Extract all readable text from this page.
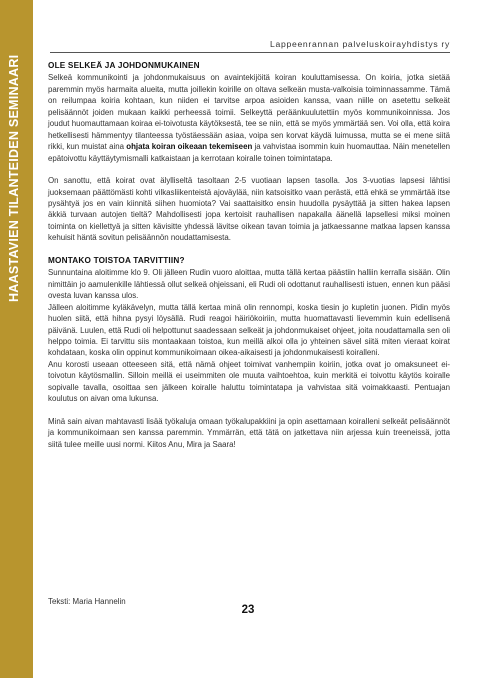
HAASTAVIEN TILANTEIDEN SEMINAARI
Lappeenrannan palveluskoirayhdistys ry
OLE SELKEÄ JA JOHDONMUKAINEN

Selkeä kommunikointi ja johdonmukaisuus on avaintekijöitä koiran kouluttamisessa. On koiria, jotka sietää paremmin myös harmaita alueita, mutta joillekin koirille on oltava selkeän musta-valkoisia toiminnassamme. Tämä on reilumpaa koiria kohtaan, kun niiden ei tarvitse arpoa asioiden kanssa, vaan niille on asetettu selkeät pelisäännöt joiden mukaan kaikki perheessä toimii. Selkeyttä peräänkuulutettiin myös kommunikoinnissa. Jos joudut huomauttamaan koiraa ei-toivotusta käytöksestä, tee se niin, että se myös ymmärtää sen. Voi olla, että koira hetkellisesti hämmentyy tilanteessa työstäessään asiaa, voipa sen korvat käydä luimussa, mutta se ei mene siitä rikki, kun muistat aina ohjata koiran oikeaan tekemiseen ja vahvistaa isommin kuin huomauttaa. Näin menetellen epätoivottu käyttäytymismalli katkaistaan ja kerrotaan koiralle toinen toimintatapa.

On sanottu, että koirat ovat älylliseltä tasoltaan 2-5 vuotiaan lapsen tasolla. Jos 3-vuotias lapsesi lähtisi juoksemaan päättömästi kohti vilkasliikenteistä ajoväylää, niin katsoisitko vaan perästä, että ehkä se ymmärtää itse pysähtyä jos en vain kiinnitä siihen huomiota? Vai saattaisitko ensin huudolla pysäyttää ja sitten hakea lapsen äkkiä turvaan autojen tieltä? Mahdollisesti jopa kertoisit rauhallisen napakalla äänellä lapsellesi miksi moinen toiminta on kiellettyä ja sitten kävisitte yhdessä lävitse oikean tavan toimia ja jatkaessanne matkaa lapsen kanssa kehuisit häntä sovitun pelisäännön noudattamisesta.

MONTAKO TOISTOA TARVITTIIN?

Sunnuntaina aloitimme klo 9. Oli jälleen Rudin vuoro aloittaa, mutta tällä kertaa päästiin halliin kerralla sisään. Olin nimittäin jo aamulenkille lähtiessä ollut selkeä ohjeissani, eli Rudi oli odottanut rauhallisesti istuen, ennen kun pääsi ovesta luvan kanssa ulos.

Jälleen aloitimme kyläkävelyn, mutta tällä kertaa minä olin rennompi, koska tiesin jo kupletin juonen. Pidin myös huolen siitä, että hihna pysyi löysällä. Rudi reagoi häiriökoiriin, mutta huomattavasti lievemmin kuin edellisenä päivänä. Luulen, että Rudi oli helpottunut saadessaan selkeät ja johdonmukaiset ohjeet, joita noudattamalla sen oli helppo toimia. Ei tarvittu siis montaakaan toistoa, kun meillä alkoi olla jo yhteinen sävel siitä miten vieraat koirat kohdataan, koska olin oppinut kommunikoimaan oikea-aikaisesti ja johdonmukaisesti koiralleni.

Anu korosti useaan otteeseen sitä, että nämä ohjeet toimivat vanhempiin koiriin, jotka ovat jo omaksuneet ei-toivotun käytösmallin. Silloin meillä ei useimmiten ole muuta vaihtoehtoa, kuin merkitä ei toivottu käytös koiralle sopivalle tavalla, osoittaa sen jälkeen koiralle haluttu toimintatapa ja vahvistaa sitä voimakkaasti. Pentuajan koulutus on aivan oma lukunsa.

Minä sain aivan mahtavasti lisää työkaluja omaan työkalupakkiini ja opin asettamaan koiralleni selkeät pelisäännöt ja kommunikoimaan sen kanssa paremmin. Ymmärrän, että tätä on jatkettava niin arjessa kuin treeneissä, jotta siitä tulee meille uusi normi. Kiitos Anu, Mira ja Saara!

Teksti: Maria Hannelin
23
